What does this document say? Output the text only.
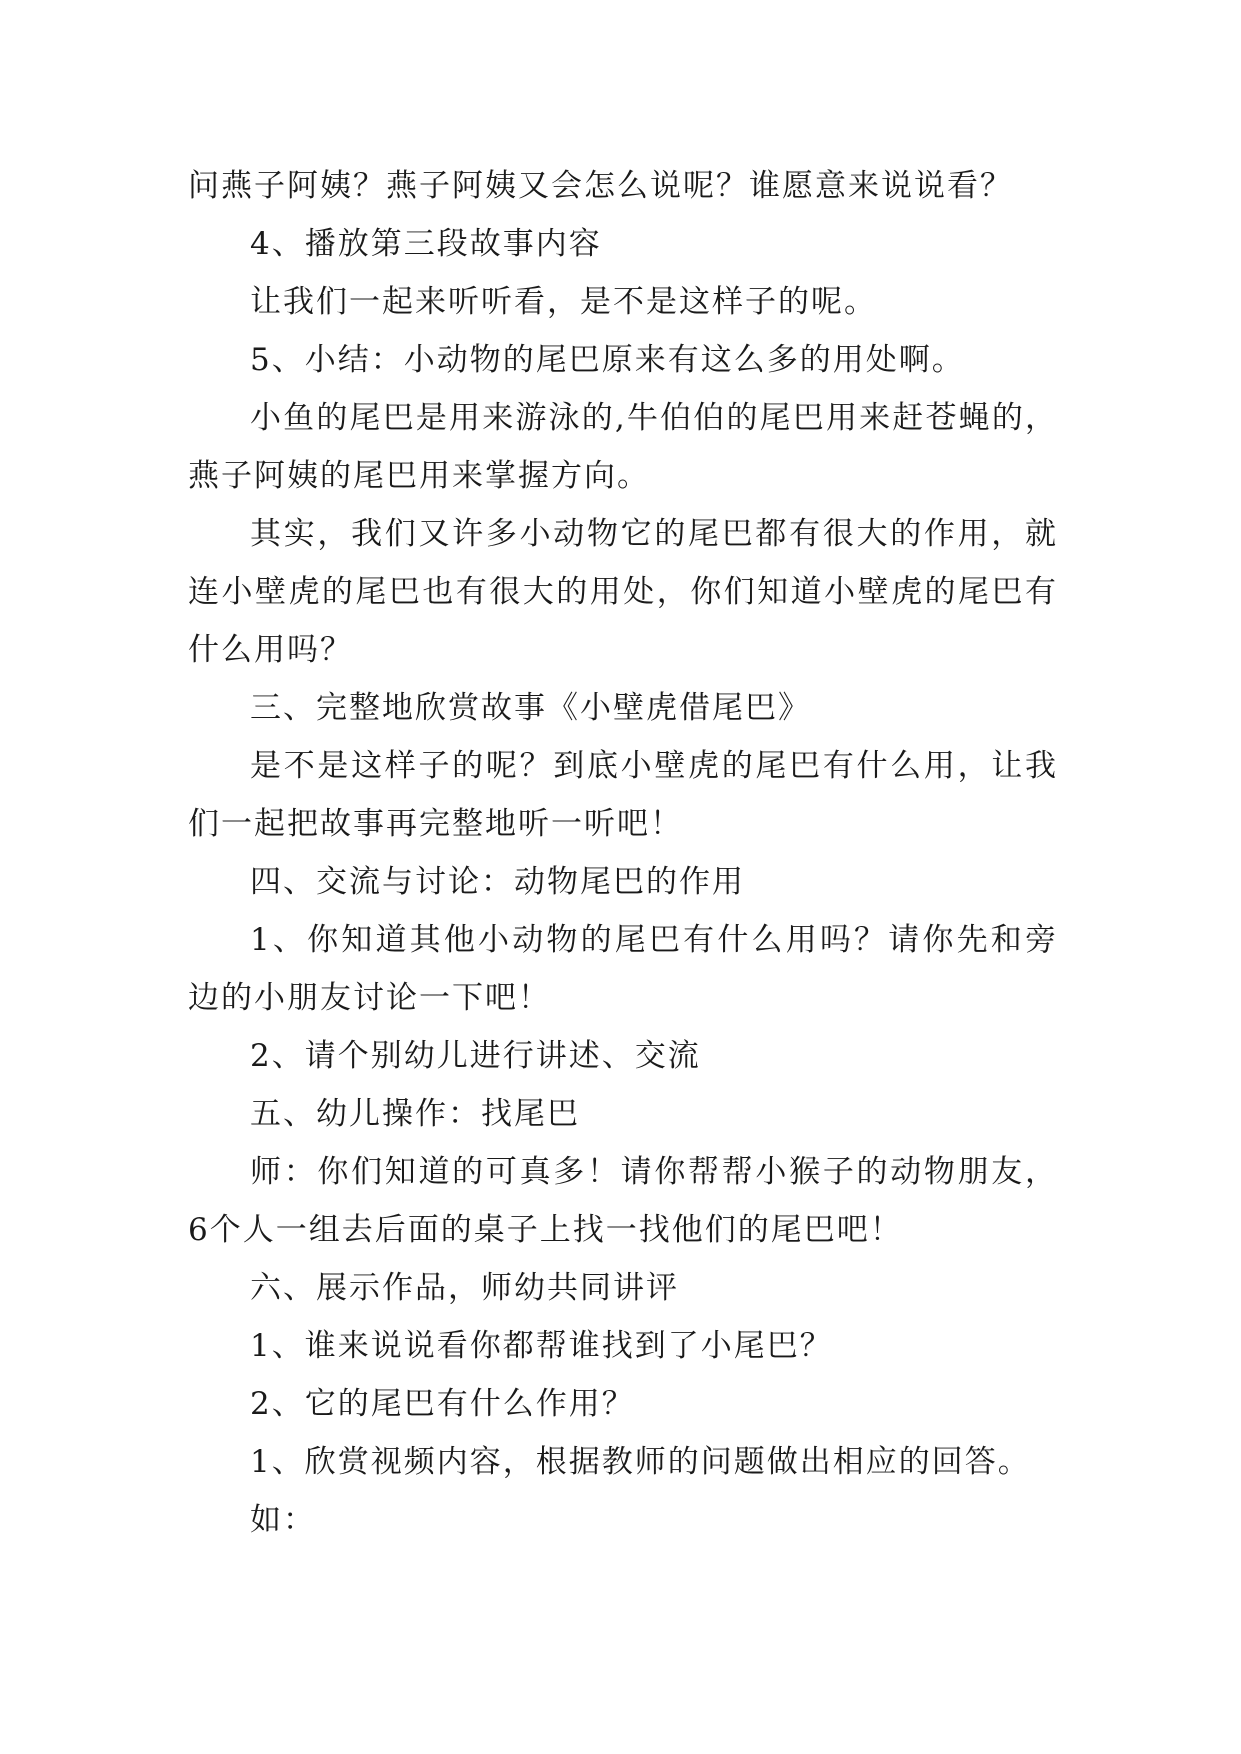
问燕子阿姨？燕子阿姨又会怎么说呢？谁愿意来说说看？

4、播放第三段故事内容

让我们一起来听听看，是不是这样子的呢。

5、小结：小动物的尾巴原来有这么多的用处啊。

小鱼的尾巴是用来游泳的,牛伯伯的尾巴用来赶苍蝇的，燕子阿姨的尾巴用来掌握方向。

其实，我们又许多小动物它的尾巴都有很大的作用，就连小壁虎的尾巴也有很大的用处，你们知道小壁虎的尾巴有什么用吗？

三、完整地欣赏故事《小壁虎借尾巴》

是不是这样子的呢？到底小壁虎的尾巴有什么用，让我们一起把故事再完整地听一听吧！

四、交流与讨论：动物尾巴的作用

1、你知道其他小动物的尾巴有什么用吗？请你先和旁边的小朋友讨论一下吧！

2、请个别幼儿进行讲述、交流

五、幼儿操作：找尾巴

师：你们知道的可真多！请你帮帮小猴子的动物朋友，6个人一组去后面的桌子上找一找他们的尾巴吧！

六、展示作品，师幼共同讲评

1、谁来说说看你都帮谁找到了小尾巴？

2、它的尾巴有什么作用？

1、欣赏视频内容，根据教师的问题做出相应的回答。

如：
